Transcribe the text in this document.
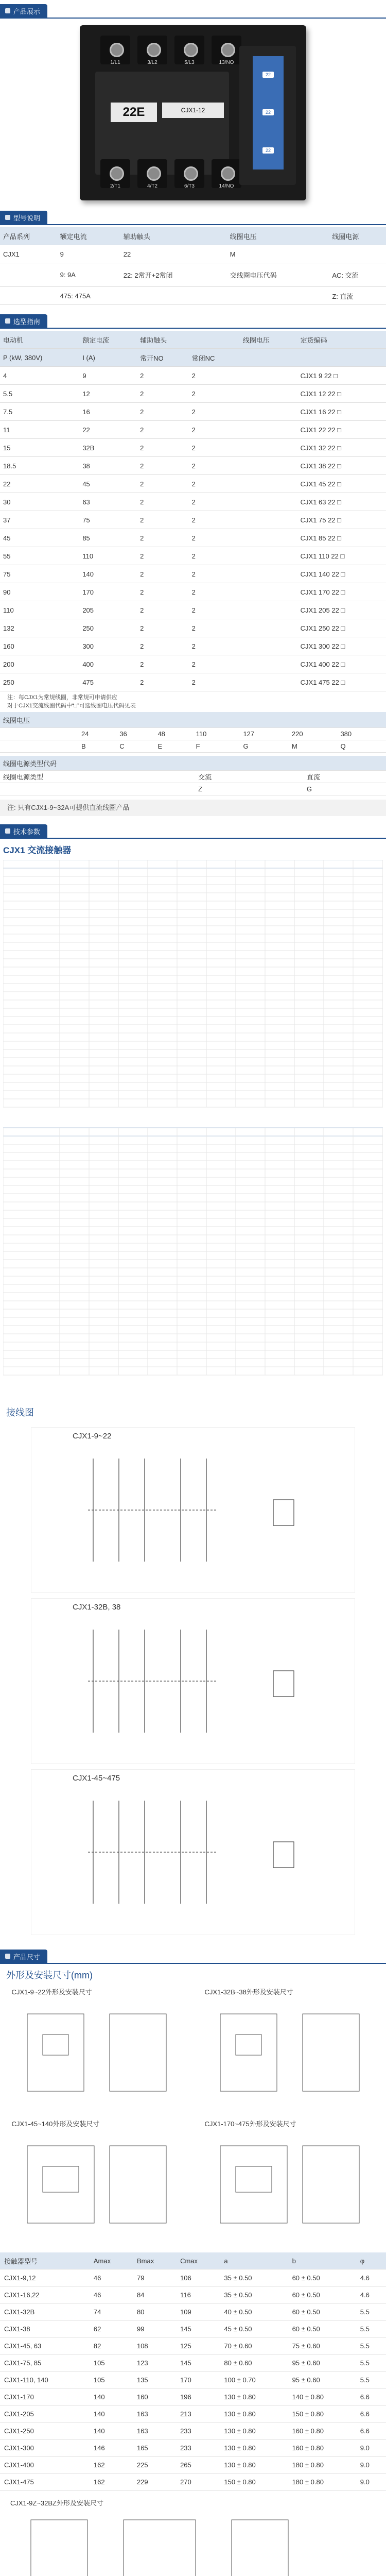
产品展示
1/L1	3/L2	5/L3	13/NO
22E	CJX1-12
2/T1	4/T2	6/T3	14/NO
22
22
22
型号说明
产品系列	额定电流	辅助触头		线圈电压		线圈电源
CJX1	9	22		M		
	9: 9A	22: 2常开+2常闭		交线圈电压代码		AC: 交流
	475: 475A					Z: 直流
选型指南
电动机	额定电流	辅助触头		线圈电压	定货编码
P (kW, 380V)	I (A)	常开NO	常闭NC		
4	9	2	2		CJX1 9 22 □
5.5	12	2	2		CJX1 12 22 □
7.5	16	2	2		CJX1 16 22 □
11	22	2	2		CJX1 22 22 □
15	32B	2	2		CJX1 32 22 □
18.5	38	2	2		CJX1 38 22 □
22	45	2	2		CJX1 45 22 □
30	63	2	2		CJX1 63 22 □
37	75	2	2		CJX1 75 22 □
45	85	2	2		CJX1 85 22 □
55	110	2	2		CJX1 110 22 □
75	140	2	2		CJX1 140 22 □
90	170	2	2		CJX1 170 22 □
110	205	2	2		CJX1 205 22 □
132	250	2	2		CJX1 250 22 □
160	300	2	2		CJX1 300 22 □
200	400	2	2		CJX1 400 22 □
250	475	2	2		CJX1 475 22 □
注：每CJX1为常规线圈，非常规可申请供应
对于CJX1交流线圈代码中“□”可选线圈电压代码见表
线圈电压							
	24	36	48	110	127	220	380
	B	C	E	F	G	M	Q
线圈电源类型代码			
线圈电源类型	交流		直流
	Z		G
注: 只有CJX1-9~32A可提供直流线圈产品
技术参数
CJX1 交流接触器
接线图
CJX1-9~22
CJX1-32B, 38
CJX1-45~475
产品尺寸
外形及安装尺寸(mm)
CJX1-9~22外形及安装尺寸	CJX1-32B~38外形及安装尺寸
CJX1-45~140外形及安装尺寸	CJX1-170~475外形及安装尺寸
接触器型号	Amax	Bmax	Cmax	a	b	φ
CJX1-9,12	46	79	106	35 ± 0.50	60 ± 0.50	4.6
CJX1-16,22	46	84	116	35 ± 0.50	60 ± 0.50	4.6
CJX1-32B	74	80	109	40 ± 0.50	60 ± 0.50	5.5
CJX1-38	62	99	145	45 ± 0.50	60 ± 0.50	5.5
CJX1-45, 63	82	108	125	70 ± 0.60	75 ± 0.60	5.5
CJX1-75, 85	105	123	145	80 ± 0.60	95 ± 0.60	5.5
CJX1-110, 140	105	135	170	100 ± 0.70	95 ± 0.60	5.5
CJX1-170	140	160	196	130 ± 0.80	140 ± 0.80	6.6
CJX1-205	140	163	213	130 ± 0.80	150 ± 0.80	6.6
CJX1-250	140	163	233	130 ± 0.80	160 ± 0.80	6.6
CJX1-300	146	165	233	130 ± 0.80	160 ± 0.80	9.0
CJX1-400	162	225	265	130 ± 0.80	180 ± 0.80	9.0
CJX1-475	162	229	270	150 ± 0.80	180 ± 0.80	9.0
CJX1-9Z~32BZ外形及安装尺寸
